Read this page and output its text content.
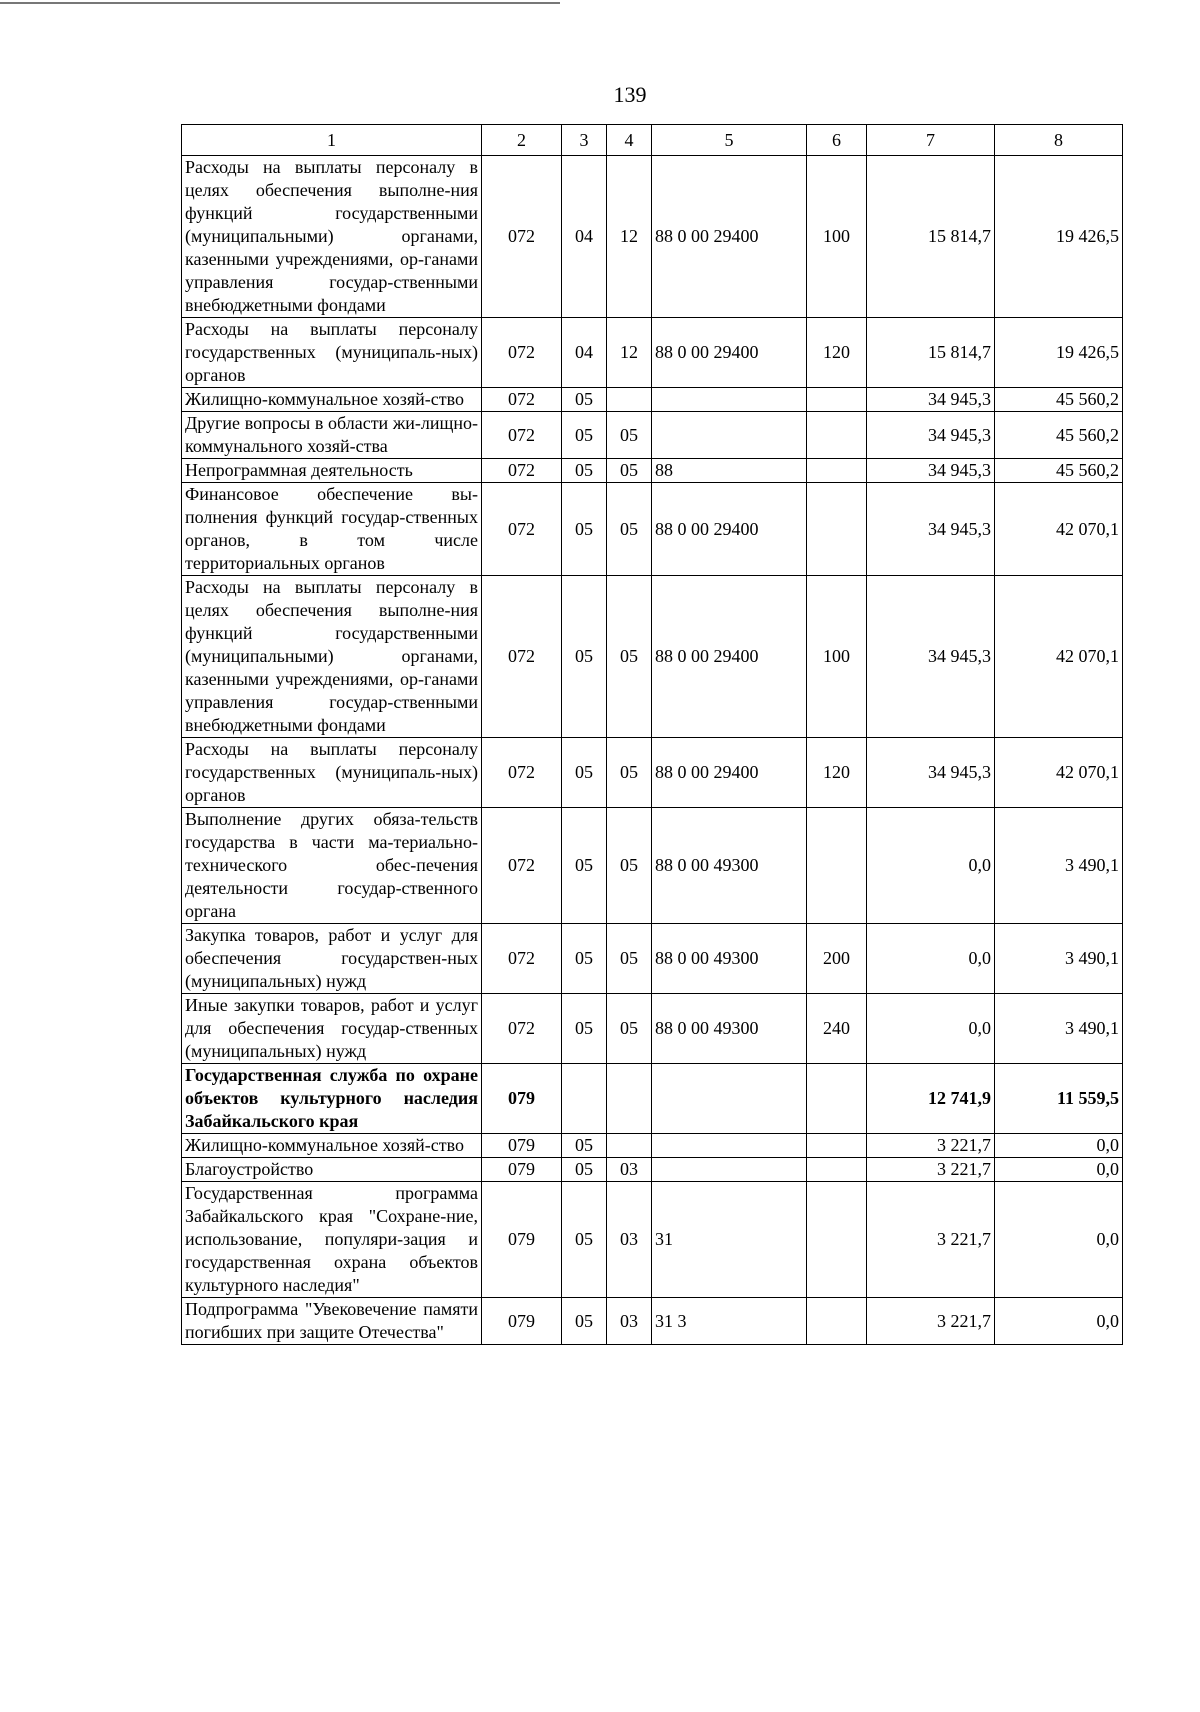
139
1	2	3	4	5	6	7	8
Расходы на выплаты персоналу в целях обеспечения выполне-ния функций государственными (муниципальными) органами, казенными учреждениями, ор-ганами управления государ-ственными внебюджетными фондами	072	04	12	88 0 00 29400	100	15 814,7	19 426,5
Расходы на выплаты персоналу государственных (муниципаль-ных) органов	072	04	12	88 0 00 29400	120	15 814,7	19 426,5
Жилищно-коммунальное хозяй-ство	072	05				34 945,3	45 560,2
Другие вопросы в области жи-лищно-коммунального хозяй-ства	072	05	05			34 945,3	45 560,2
Непрограммная деятельность	072	05	05	88		34 945,3	45 560,2
Финансовое обеспечение вы-полнения функций государ-ственных органов, в том числе территориальных органов	072	05	05	88 0 00 29400		34 945,3	42 070,1
Расходы на выплаты персоналу в целях обеспечения выполне-ния функций государственными (муниципальными) органами, казенными учреждениями, ор-ганами управления государ-ственными внебюджетными фондами	072	05	05	88 0 00 29400	100	34 945,3	42 070,1
Расходы на выплаты персоналу государственных (муниципаль-ных) органов	072	05	05	88 0 00 29400	120	34 945,3	42 070,1
Выполнение других обяза-тельств государства в части ма-териально-технического обес-печения деятельности государ-ственного органа	072	05	05	88 0 00 49300		0,0	3 490,1
Закупка товаров, работ и услуг для обеспечения государствен-ных (муниципальных) нужд	072	05	05	88 0 00 49300	200	0,0	3 490,1
Иные закупки товаров, работ и услуг для обеспечения государ-ственных (муниципальных) нужд	072	05	05	88 0 00 49300	240	0,0	3 490,1
Государственная служба по охране объектов культурного наследия Забайкальского края	079					12 741,9	11 559,5
Жилищно-коммунальное хозяй-ство	079	05				3 221,7	0,0
Благоустройство	079	05	03			3 221,7	0,0
Государственная программа Забайкальского края "Сохране-ние, использование, популяри-зация и государственная охрана объектов культурного наследия"	079	05	03	31		3 221,7	0,0
Подпрограмма "Увековечение памяти погибших при защите Отечества"	079	05	03	31 3		3 221,7	0,0
